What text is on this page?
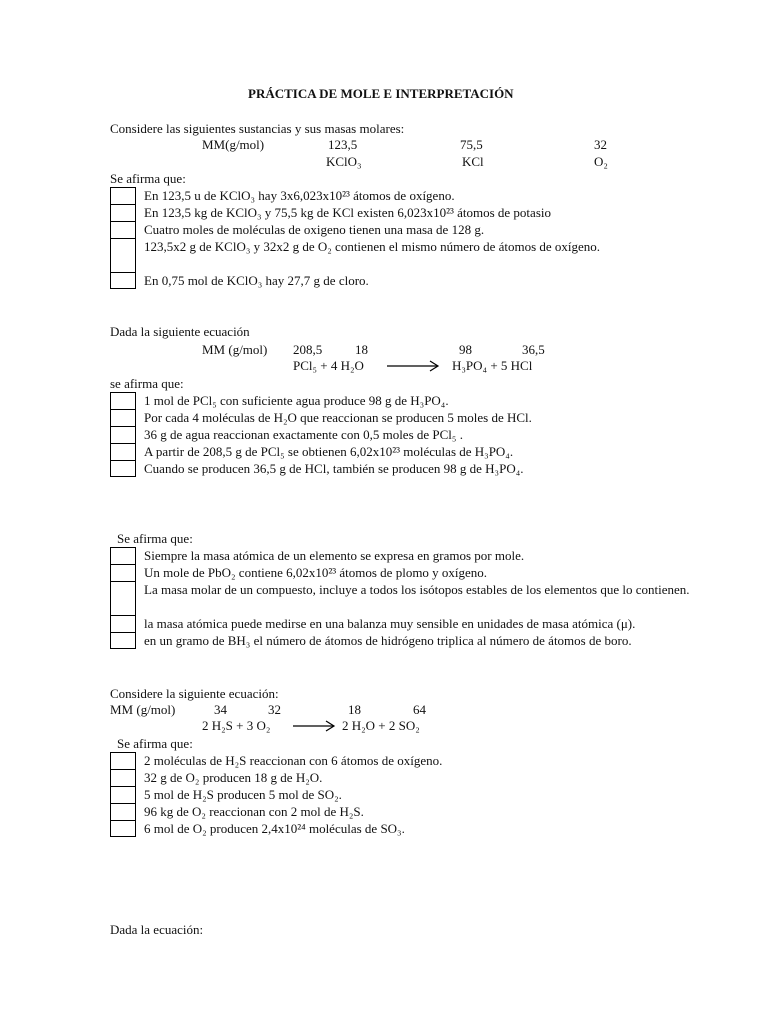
PRÁCTICA DE MOLE E INTERPRETACIÓN
Considere las siguientes sustancias y sus masas molares:
MM(g/mol)	123,5	75,5	32
KClO₃	KCl	O₂
Se afirma que:
En 123,5 u de KClO₃ hay 3x6,023x10²³ átomos de oxígeno.
En 123,5 kg de KClO₃ y 75,5 kg de KCl existen 6,023x10²³ átomos de potasio
Cuatro moles de moléculas de oxigeno tienen una masa de 128 g.
123,5x2 g de KClO₃ y 32x2 g de O₂ contienen el mismo número de átomos de oxígeno.
En 0,75 mol de KClO₃ hay 27,7 g de cloro.
Dada la siguiente ecuación
MM (g/mol) 208,5	18	98	36,5
PCl₅ + 4 H₂O	H₃PO₄ + 5 HCl
se afirma que:
1 mol de PCl₅ con suficiente agua produce 98 g de H₃PO₄.
Por cada 4 moléculas de H₂O que reaccionan se producen 5 moles de HCl.
36 g de agua reaccionan exactamente con 0,5 moles de PCl₅ .
A partir de 208,5 g de PCl₅ se obtienen 6,02x10²³ moléculas de H₃PO₄.
Cuando se producen 36,5 g de HCl, también se producen 98 g de H₃PO₄.
Se afirma que:
Siempre la masa atómica de un elemento se expresa en gramos por mole.
Un mole de PbO₂ contiene 6,02x10²³ átomos de plomo y oxígeno.
La masa molar de un compuesto, incluye a todos los isótopos estables de los elementos que lo contienen.
la masa atómica puede medirse en una balanza muy sensible en unidades de masa atómica (μ).
en un gramo de BH₃ el número de átomos de hidrógeno triplica al número de átomos de boro.
Considere la siguiente ecuación:
MM (g/mol)	34	32	18	64
2 H₂S + 3 O₂ → 2 H₂O + 2 SO₂
Se afirma que:
2 moléculas de H₂S reaccionan con 6 átomos de oxígeno.
32 g de O₂ producen 18 g de H₂O.
5 mol de H₂S producen 5 mol de SO₂.
96 kg de O₂ reaccionan con 2 mol de H₂S.
6 mol de O₂ producen 2,4x10²⁴ moléculas de SO₃.
Dada la ecuación:
